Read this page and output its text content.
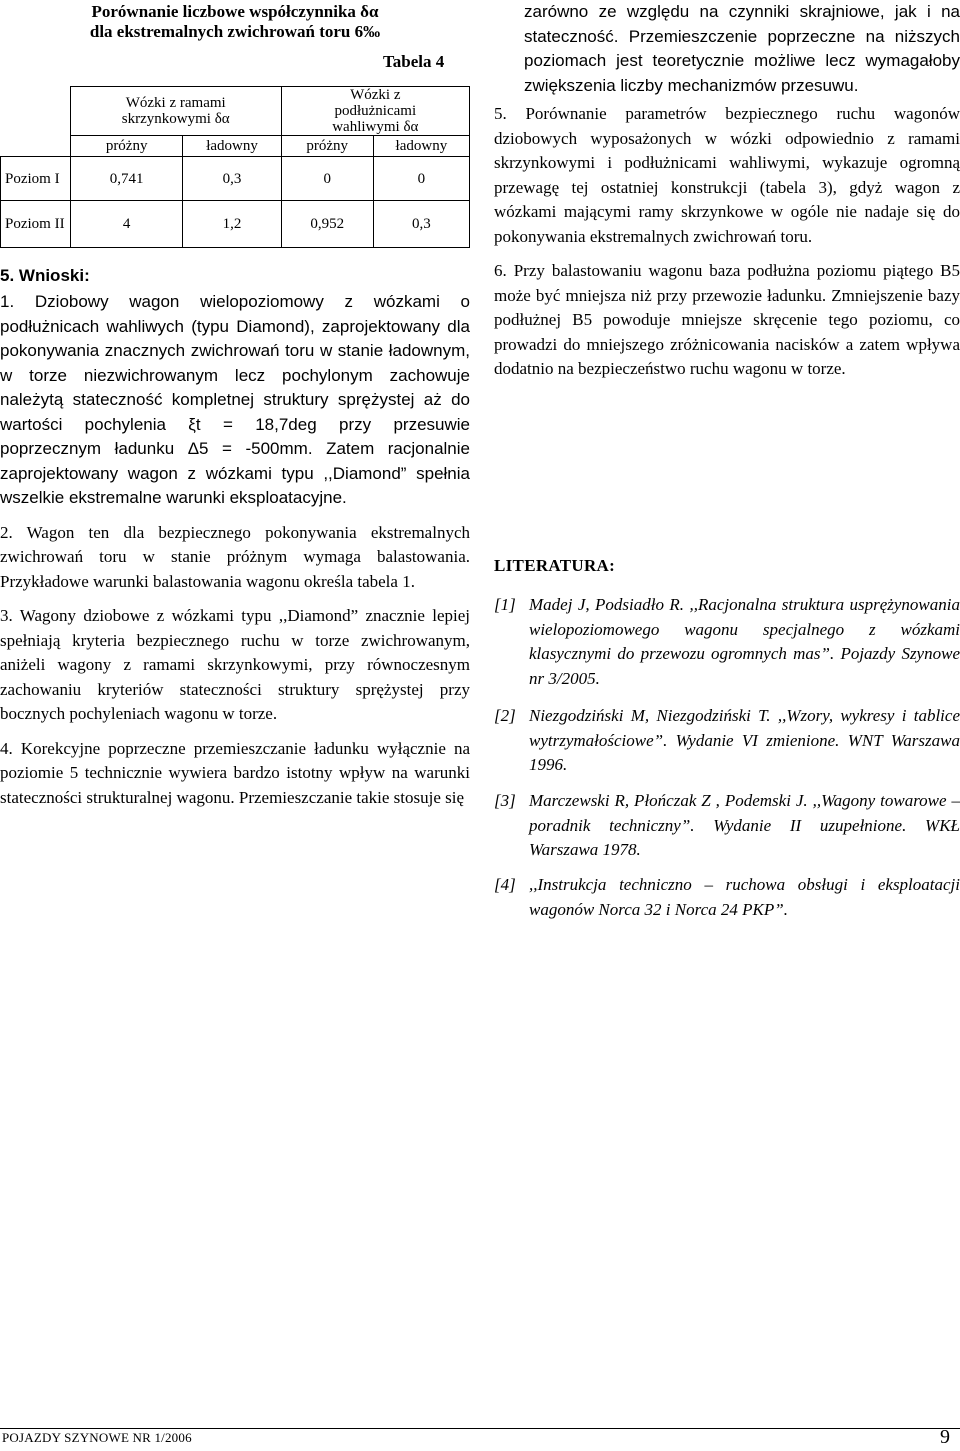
Porównanie liczbowe współczynnika δα
dla ekstremalnych zwichrowań toru 6‰
Tabela 4
	Wózki z ramami skrzynkowymi δα		Wózki z podłużnicami wahliwymi δα	
	próżny	ładowny	próżny	ładowny
Poziom I	0,741	0,3	0	0
Poziom II	4	1,2	0,952	0,3
5. Wnioski:

1. Dziobowy wagon wielopoziomowy z wózkami o podłużnicach wahliwych (typu Diamond), zaprojektowany dla pokonywania znacznych zwichrowań toru w stanie ładownym, w torze niezwichrowanym lecz pochylonym zachowuje należytą stateczność kompletnej struktury sprężystej aż do wartości pochylenia ξt = 18,7deg przy przesuwie poprzecznym ładunku Δ5 = -500mm. Zatem racjonalnie zaprojektowany wagon z wózkami typu ,,Diamond” spełnia wszelkie ekstremalne warunki eksploatacyjne.

2. Wagon ten dla bezpiecznego pokonywania ekstremalnych zwichrowań toru w stanie próżnym wymaga balastowania. Przykładowe warunki balastowania wagonu określa tabela 1.

3. Wagony dziobowe z wózkami typu ,,Diamond” znacznie lepiej spełniają kryteria bezpiecznego ruchu w torze zwichrowanym, aniżeli wagony z ramami skrzynkowymi, przy równoczesnym zachowaniu kryteriów stateczności struktury sprężystej przy bocznych pochyleniach wagonu w torze.

4. Korekcyjne poprzeczne przemieszczanie ładunku wyłącznie na poziomie 5 technicznie wywiera bardzo istotny wpływ na warunki stateczności strukturalnej wagonu. Przemieszczanie takie stosuje się

zarówno ze względu na czynniki skrajniowe, jak i na stateczność. Przemieszczenie poprzeczne na niższych poziomach jest teoretycznie możliwe lecz wymagałoby zwiększenia liczby mechanizmów przesuwu.

5. Porównanie parametrów bezpiecznego ruchu wagonów dziobowych wyposażonych w wózki odpowiednio z ramami skrzynkowymi i podłużnicami wahliwymi, wykazuje ogromną przewagę tej ostatniej konstrukcji (tabela 3), gdyż wagon z wózkami mającymi ramy skrzynkowe w ogóle nie nadaje się do pokonywania ekstremalnych zwichrowań toru.

6. Przy balastowaniu wagonu baza podłużna poziomu piątego B5 może być mniejsza niż przy przewozie ładunku. Zmniejszenie bazy podłużnej B5 powoduje mniejsze skręcenie tego poziomu, co prowadzi do mniejszego zróżnicowania nacisków a zatem wpływa dodatnio na bezpieczeństwo ruchu wagonu w torze.

LITERATURA:
[1] Madej J, Podsiadło R. ,,Racjonalna struktura usprężynowania wielopoziomowego wagonu specjalnego z wózkami klasycznymi do przewozu ogromnych mas”. Pojazdy Szynowe nr 3/2005.
[2] Niezgodziński M, Niezgodziński T. ,,Wzory, wykresy i tablice wytrzymałościowe”. Wydanie VI zmienione. WNT Warszawa 1996.
[3] Marczewski R, Płończak Z , Podemski J. ,,Wagony towarowe – poradnik techniczny”. Wydanie II uzupełnione. WKŁ Warszawa 1978.
[4] ,,Instrukcja techniczno – ruchowa obsługi i eksploatacji wagonów Norca 32 i Norca 24 PKP”.
POJAZDY SZYNOWE NR 1/2006	9
